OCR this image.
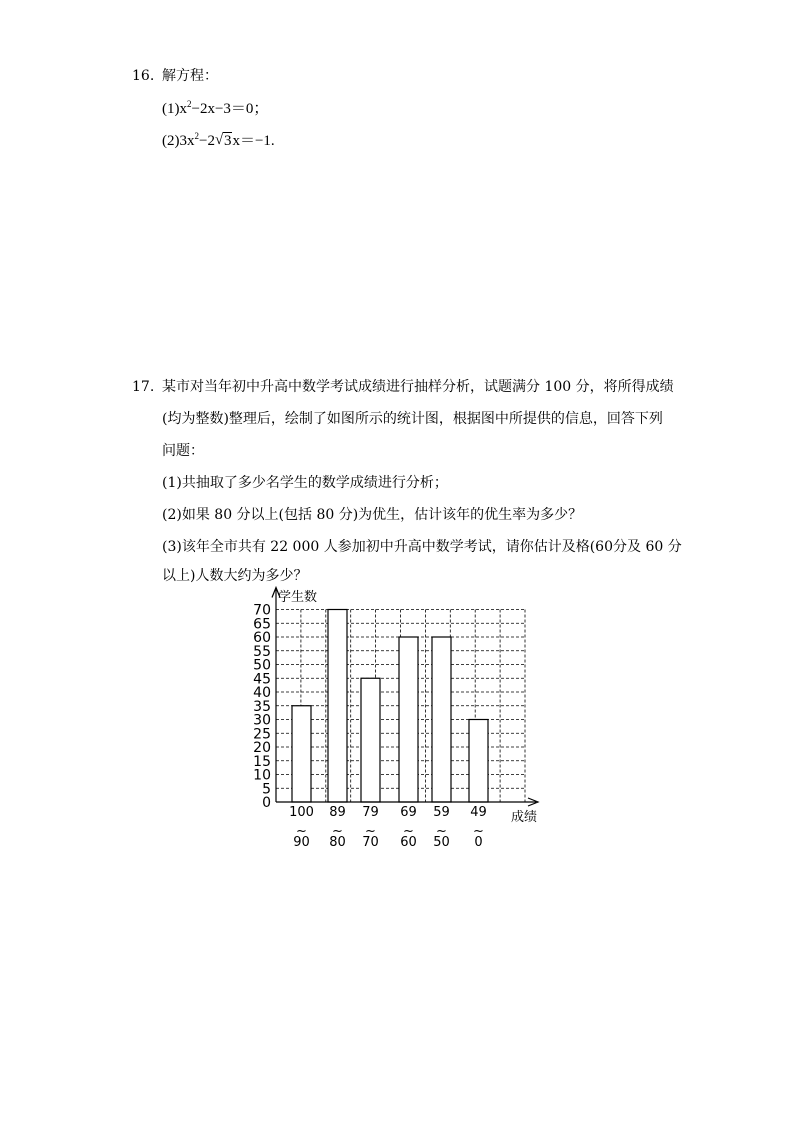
16. 解方程：
$(1)x^2-2x-3=0$；
$(2)3x^2-2$ √ 3x＝−1.
17. 某市对当年初中升高中数学考试成绩进行抽样分析，试题满分 100 分，将所得成绩
(均为整数)整理后，绘制了如图所示的统计图，根据图中所提供的信息，回答下列
问题：
(1)共抽取了多少名学生的数学成绩进行分析；
(2)如果 80 分以上(包括 80 分)为优生，估计该年的优生率为多少？
(3)该年全市共有 22 000 人参加初中升高中数学考试，请你估计及格(60分及 60 分
以上)人数大约为多少？
0
5
10
15
20
25
30
35
40
45
50
55
60
65
70
100
~
90
89
~
80
79
~
70
69
~
60
59
~
50
49
~
0
学生数
成绩
